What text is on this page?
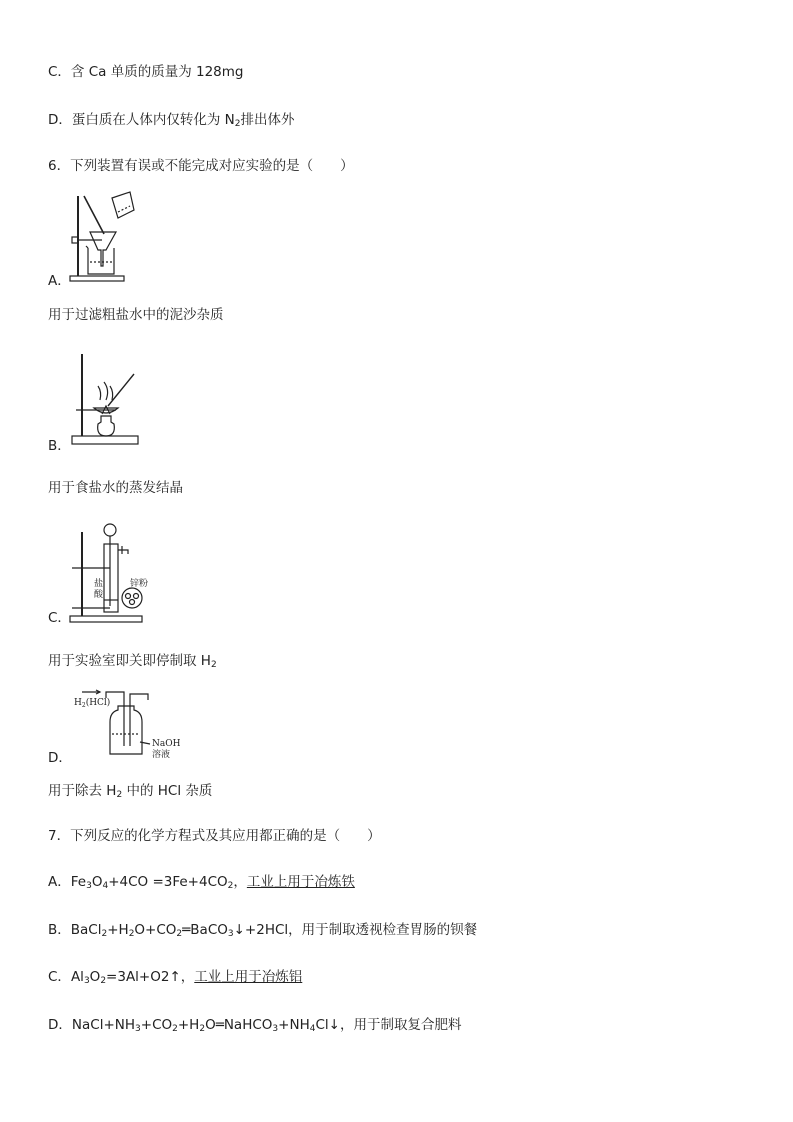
C．含 Ca 单质的质量为 128mg
D．蛋白质在人体内仅转化为 $N_2$排出体外
6．下列装置有误或不能完成对应实验的是（　　）
A．
用于过滤粗盐水中的泥沙杂质
B．
用于食盐水的蒸发结晶
盐
酸
锌粉
C．
用于实验室即关即停制取 $H_2$
$H_2(HCl)$
NaOH
溶液
D．
用于除去 $H_2$ 中的 HCl 杂质
7．下列反应的化学方程式及其应用都正确的是（　　）
A．$Fe_3O_4+4CO =3Fe+4CO_2$，工业上用于冶炼铁
B．$BaCl_2+H_2O+CO_2═BaCO_3↓+2HCl$，用于制取透视检查胃肠的钡餐
C．$Al_3O_2=3Al+O2↑$，工业上用于冶炼铝
D．$NaCl+NH_3+CO_2+H_2O═NaHCO_3+NH_4Cl↓$，用于制取复合肥料
